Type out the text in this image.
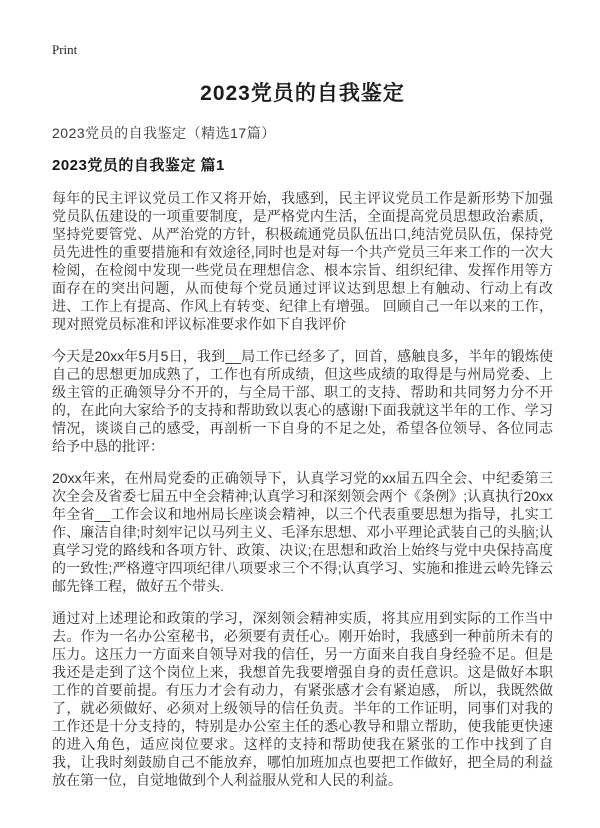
Print
2023党员的自我鉴定
2023党员的自我鉴定（精选17篇）
2023党员的自我鉴定 篇1

每年的民主评议党员工作又将开始，我感到，民主评议党员工作是新形势下加强党员队伍建设的一项重要制度，是严格党内生活，全面提高党员思想政治素质，坚持党要管党、从严治党的方针，积极疏通党员队伍出口,纯洁党员队伍，保持党员先进性的重要措施和有效途径,同时也是对每一个共产党员三年来工作的一次大检阅，在检阅中发现一些党员在理想信念、根本宗旨、组织纪律、发挥作用等方面存在的突出问题，从而使每个党员通过评议达到思想上有触动、行动上有改进、工作上有提高、作风上有转变、纪律上有增强。 回顾自己一年以来的工作，现对照党员标准和评议标准要求作如下自我评价

今天是20xx年5月5日，我到__局工作已经多了，回首，感触良多，半年的锻炼使自己的思想更加成熟了，工作也有所成绩，但这些成绩的取得是与州局党委、上级主管的正确领导分不开的，与全局干部、职工的支持、帮助和共同努力分不开的，在此向大家给予的支持和帮助致以衷心的感谢!下面我就这半年的工作、学习情况，谈谈自己的感受，再剖析一下自身的不足之处，希望各位领导、各位同志给予中恳的批评：

20xx年来，在州局党委的正确领导下，认真学习党的xx届五四全会、中纪委第三次全会及省委七届五中全会精神;认真学习和深刻领会两个《条例》;认真执行20xx年全省__工作会议和地州局长座谈会精神，以三个代表重要思想为指导，扎实工作、廉洁自律;时刻牢记以马列主义、毛泽东思想、邓小平理论武装自己的头脑;认真学习党的路线和各项方针、政策、决议;在思想和政治上始终与党中央保持高度的一致性;严格遵守四项纪律八项要求三个不得;认真学习、实施和推进云岭先锋云邮先锋工程，做好五个带头.

通过对上述理论和政策的学习，深刻领会精神实质，将其应用到实际的工作当中去。作为一名办公室秘书，必须要有责任心。刚开始时，我感到一种前所未有的压力。这压力一方面来自领导对我的信任，另一方面来自我自身经验不足。但是我还是走到了这个岗位上来，我想首先我要增强自身的责任意识。这是做好本职工作的首要前提。有压力才会有动力，有紧张感才会有紧迫感， 所以，我既然做了，就必须做好、必须对上级领导的信任负责。半年的工作证明，同事们对我的工作还是十分支持的，特别是办公室主任的悉心教导和鼎立帮助，使我能更快速的进入角色，适应岗位要求。这样的支持和帮助使我在紧张的工作中找到了自我，让我时刻鼓励自己不能放弃，哪怕加班加点也要把工作做好，把全局的利益放在第一位，自觉地做到个人利益服从党和人民的利益。
